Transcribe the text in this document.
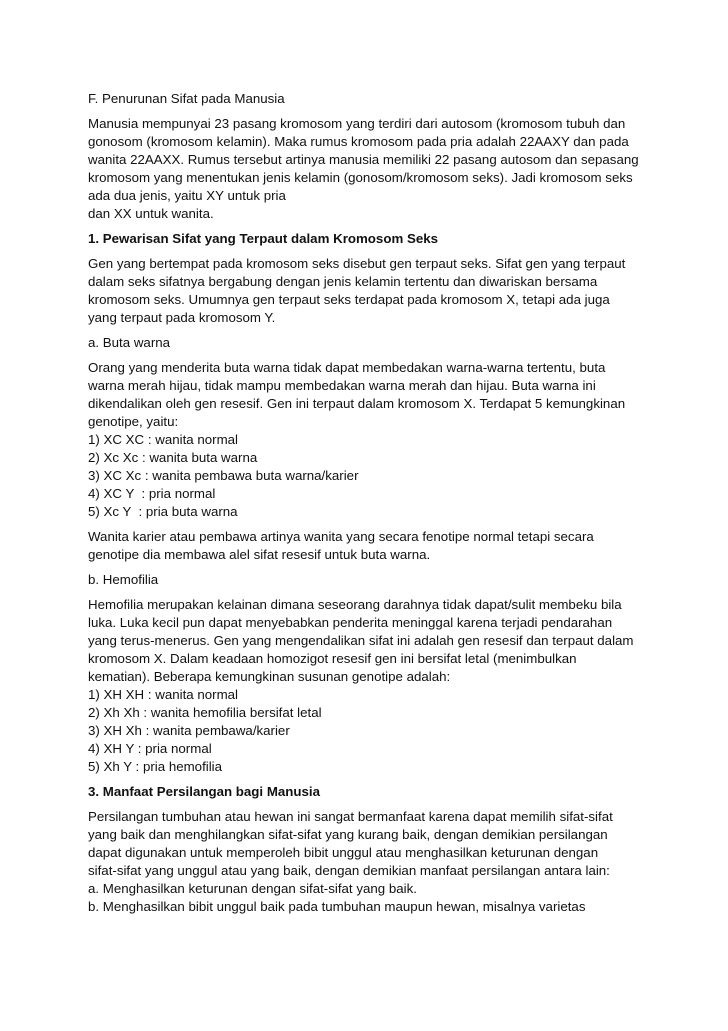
F. Penurunan Sifat pada Manusia

Manusia mempunyai 23 pasang kromosom yang terdiri dari autosom (kromosom tubuh dan
gonosom (kromosom kelamin). Maka rumus kromosom pada pria adalah 22AAXY dan pada
wanita 22AAXX. Rumus tersebut artinya manusia memiliki 22 pasang autosom dan sepasang
kromosom yang menentukan jenis kelamin (gonosom/kromosom seks). Jadi kromosom seks
ada dua jenis, yaitu XY untuk pria
dan XX untuk wanita.

1. Pewarisan Sifat yang Terpaut dalam Kromosom Seks

Gen yang bertempat pada kromosom seks disebut gen terpaut seks. Sifat gen yang terpaut
dalam seks sifatnya bergabung dengan jenis kelamin tertentu dan diwariskan bersama
kromosom seks. Umumnya gen terpaut seks terdapat pada kromosom X, tetapi ada juga
yang terpaut pada kromosom Y.

a. Buta warna

Orang yang menderita buta warna tidak dapat membedakan warna-warna tertentu, buta
warna merah hijau, tidak mampu membedakan warna merah dan hijau. Buta warna ini
dikendalikan oleh gen resesif. Gen ini terpaut dalam kromosom X. Terdapat 5 kemungkinan
genotipe, yaitu:
1) XC XC : wanita normal
2) Xc Xc : wanita buta warna
3) XC Xc : wanita pembawa buta warna/karier
4) XC Y  : pria normal
5) Xc Y  : pria buta warna

Wanita karier atau pembawa artinya wanita yang secara fenotipe normal tetapi secara
genotipe dia membawa alel sifat resesif untuk buta warna.

b. Hemofilia

Hemofilia merupakan kelainan dimana seseorang darahnya tidak dapat/sulit membeku bila
luka. Luka kecil pun dapat menyebabkan penderita meninggal karena terjadi pendarahan
yang terus-menerus. Gen yang mengendalikan sifat ini adalah gen resesif dan terpaut dalam
kromosom X. Dalam keadaan homozigot resesif gen ini bersifat letal (menimbulkan
kematian). Beberapa kemungkinan susunan genotipe adalah:
1) XH XH : wanita normal
2) Xh Xh : wanita hemofilia bersifat letal
3) XH Xh : wanita pembawa/karier
4) XH Y : pria normal
5) Xh Y : pria hemofilia

3. Manfaat Persilangan bagi Manusia

Persilangan tumbuhan atau hewan ini sangat bermanfaat karena dapat memilih sifat-sifat
yang baik dan menghilangkan sifat-sifat yang kurang baik, dengan demikian persilangan
dapat digunakan untuk memperoleh bibit unggul atau menghasilkan keturunan dengan
sifat-sifat yang unggul atau yang baik, dengan demikian manfaat persilangan antara lain:
a. Menghasilkan keturunan dengan sifat-sifat yang baik.
b. Menghasilkan bibit unggul baik pada tumbuhan maupun hewan, misalnya varietas
